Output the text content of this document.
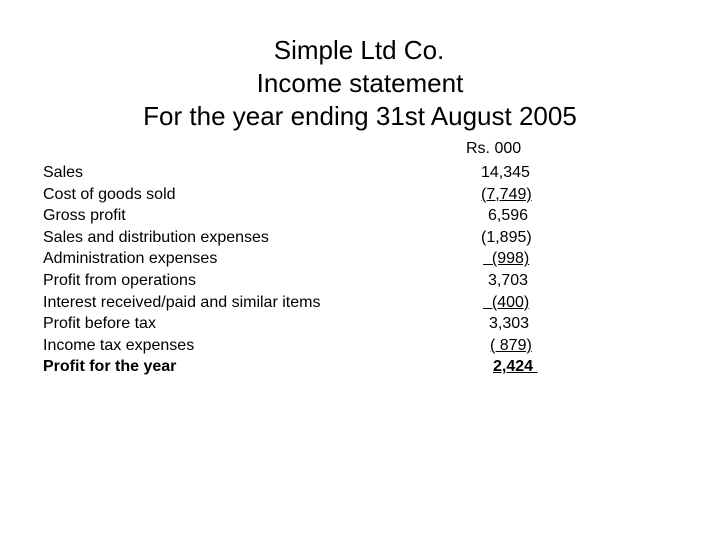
Simple Ltd Co.
Income statement
For the year ending 31st August 2005
Rs. 000
Sales
Cost of goods sold
Gross profit
Sales and distribution expenses
Administration expenses
Profit from operations
Interest received/paid and similar items
Profit before tax
Income tax expenses
Profit for the year
14,345
(7,749)
6,596
(1,895)
(998)
3,703
(400)
3,303
( 879)
2,424
